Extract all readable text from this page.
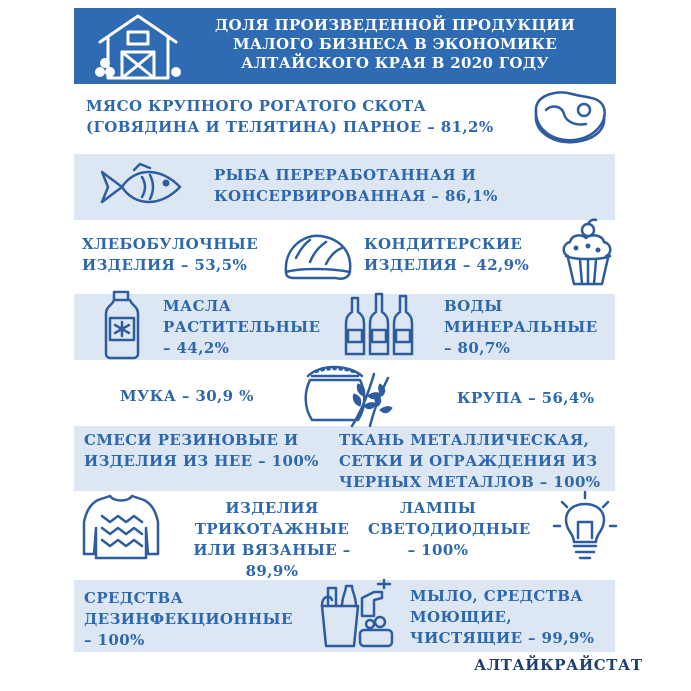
ДОЛЯ ПРОИЗВЕДЕННОЙ ПРОДУКЦИИ
МАЛОГО БИЗНЕСА В ЭКОНОМИКЕ
АЛТАЙСКОГО КРАЯ В 2020 ГОДУ
МЯСО КРУПНОГО РОГАТОГО СКОТА
(ГОВЯДИНА И ТЕЛЯТИНА) ПАРНОЕ – 81,2%
РЫБА ПЕРЕРАБОТАННАЯ И
КОНСЕРВИРОВАННАЯ – 86,1%
ХЛЕБОБУЛОЧНЫЕ
ИЗДЕЛИЯ – 53,5%
КОНДИТЕРСКИЕ
ИЗДЕЛИЯ – 42,9%
МАСЛА
РАСТИТЕЛЬНЫЕ
– 44,2%
ВОДЫ
МИНЕРАЛЬНЫЕ
– 80,7%
МУКА – 30,9 %	КРУПА – 56,4%
СМЕСИ РЕЗИНОВЫЕ И
ИЗДЕЛИЯ ИЗ НЕЕ – 100%
ТКАНЬ МЕТАЛЛИЧЕСКАЯ,
СЕТКИ И ОГРАЖДЕНИЯ ИЗ
ЧЕРНЫХ МЕТАЛЛОВ – 100%
ИЗДЕЛИЯ
ТРИКОТАЖНЫЕ
ИЛИ ВЯЗАНЫЕ –
89,9%
ЛАМПЫ
СВЕТОДИОДНЫЕ
– 100%
СРЕДСТВА
ДЕЗИНФЕКЦИОННЫЕ
– 100%
МЫЛО, СРЕДСТВА
МОЮЩИЕ,
ЧИСТЯЩИЕ – 99,9%
АЛТАЙКРАЙСТАТ
